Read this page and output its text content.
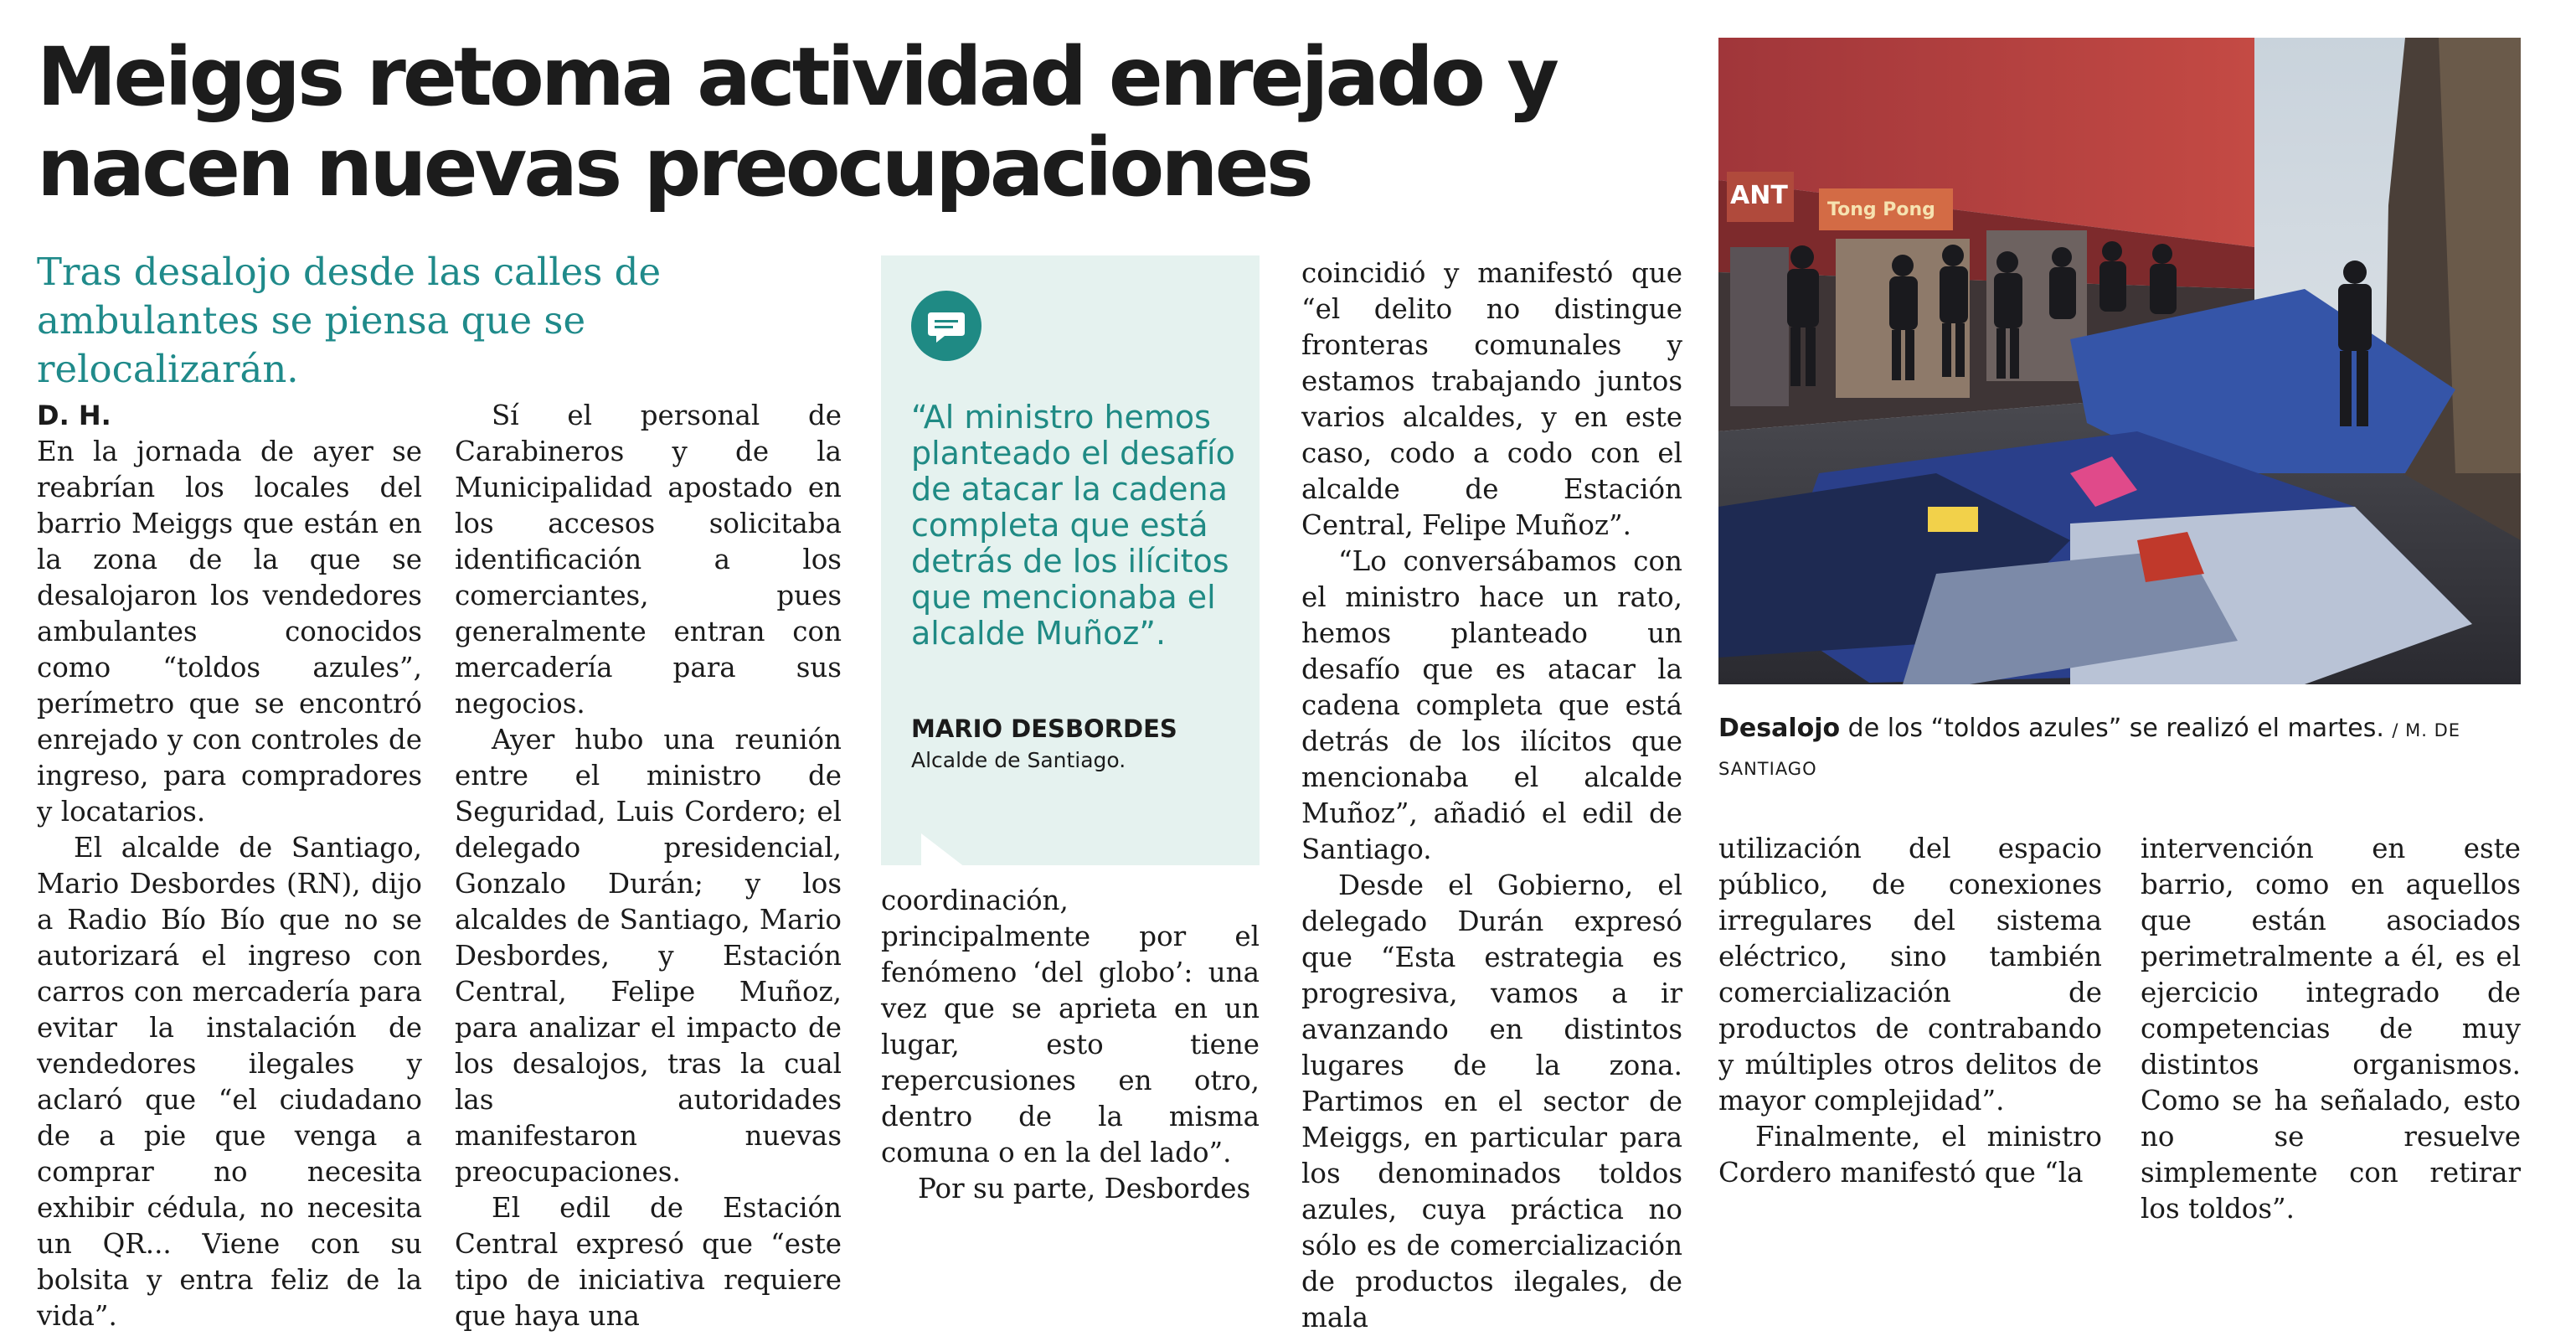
Meiggs retoma actividad enrejado y nacen nuevas preocupaciones

Tras desalojo desde las calles de ambulantes se piensa que se relocalizarán.

D. H.

En la jornada de ayer se reabrían los locales del barrio Meiggs que están en la zona de la que se desalojaron los vendedores ambulantes conocidos como “toldos azules”, perímetro que se encontró enrejado y con controles de ingreso, para compradores y locatarios.

El alcalde de Santiago, Mario Desbordes (RN), dijo a Radio Bío Bío que no se autorizará el ingreso con carros con mercadería para evitar la instalación de vendedores ilegales y aclaró que “el ciudadano de a pie que venga a comprar no necesita exhibir cédula, no necesita un QR... Viene con su bolsita y entra feliz de la vida”.

Sí el personal de Carabineros y de la Municipalidad apostado en los accesos solicitaba identificación a los comerciantes, pues generalmente entran con mercadería para sus negocios.

Ayer hubo una reunión entre el ministro de Seguridad, Luis Cordero; el delegado presidencial, Gonzalo Durán; y los alcaldes de Santiago, Mario Desbordes, y Estación Central, Felipe Muñoz, para analizar el impacto de los desalojos, tras la cual las autoridades manifestaron nuevas preocupaciones.

El edil de Estación Central expresó que “este tipo de iniciativa requiere que haya una

“Al ministro hemos planteado el desafío de atacar la cadena completa que está detrás de los ilícitos que mencionaba el alcalde Muñoz”.

MARIO DESBORDES
Alcalde de Santiago.

coordinación, principalmente por el fenómeno ‘del globo’: una vez que se aprieta en un lugar, esto tiene repercusiones en otro, dentro de la misma comuna o en la del lado”.

Por su parte, Desbordes

coincidió y manifestó que “el delito no distingue fronteras comunales y estamos trabajando juntos varios alcaldes, y en este caso, codo a codo con el alcalde de Estación Central, Felipe Muñoz”.

“Lo conversábamos con el ministro hace un rato, hemos planteado un desafío que es atacar la cadena completa que está detrás de los ilícitos que mencionaba el alcalde Muñoz”, añadió el edil de Santiago.

Desde el Gobierno, el delegado Durán expresó que “Esta estrategia es progresiva, vamos a ir avanzando en distintos lugares de la zona. Partimos en el sector de Meiggs, en particular para los denominados toldos azules, cuya práctica no sólo es de comercialización de productos ilegales, de mala

ANT Tong Pong
Desalojo de los “toldos azules” se realizó el martes. / M. DE SANTIAGO

utilización del espacio público, de conexiones irregulares del sistema eléctrico, sino también comercialización de productos de contrabando y múltiples otros delitos de mayor complejidad”.

Finalmente, el ministro Cordero manifestó que “la

intervención en este barrio, como en aquellos que están asociados perimetralmente a él, es el ejercicio integrado de competencias de muy distintos organismos. Como se ha señalado, esto no se resuelve simplemente con retirar los toldos”.
